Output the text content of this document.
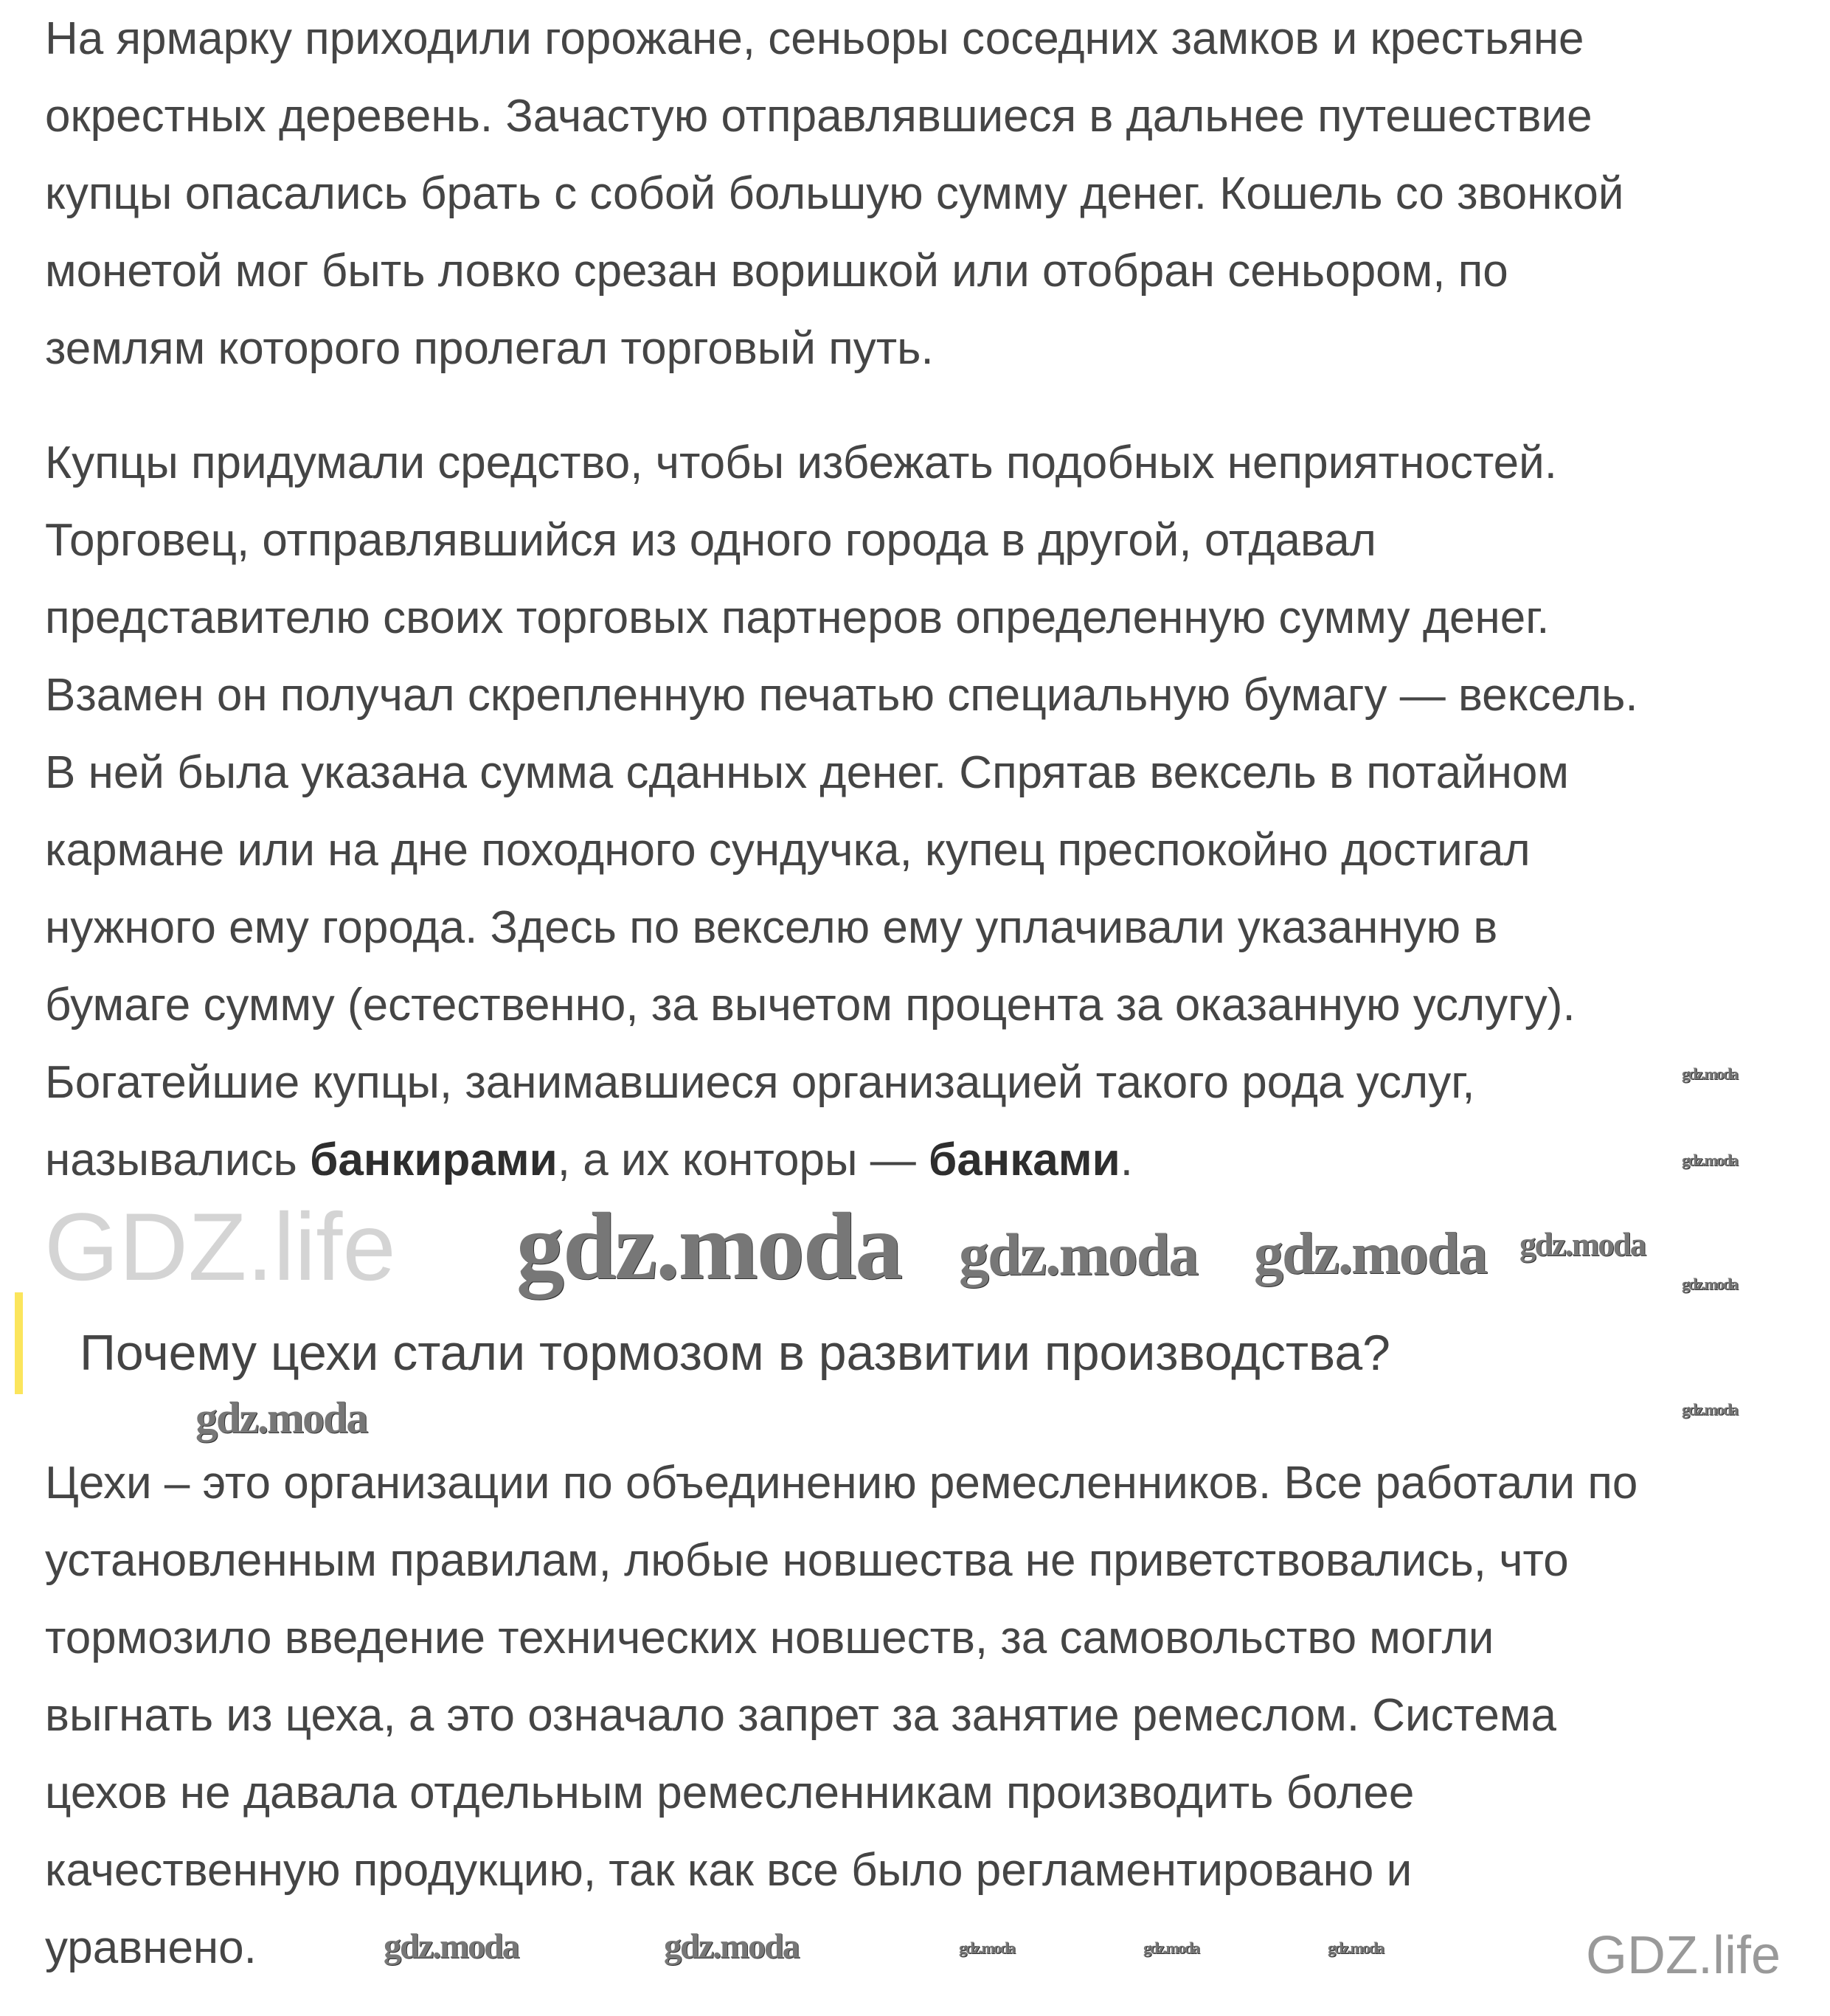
GDZ.life
На ярмарку приходили горожане, сеньоры соседних замков и крестьяне
окрестных деревень. Зачастую отправлявшиеся в дальнее путешествие
купцы опасались брать с собой большую сумму денег. Кошель со звонкой
монетой мог быть ловко срезан воришкой или отобран сеньором, по
землям которого пролегал торговый путь.
Купцы придумали средство, чтобы избежать подобных неприятностей.
Торговец, отправлявшийся из одного города в другой, отдавал
представителю своих торговых партнеров определенную сумму денег.
Взамен он получал скрепленную печатью специальную бумагу — вексель.
В ней была указана сумма сданных денег. Спрятав вексель в потайном
кармане или на дне походного сундучка, купец преспокойно достигал
нужного ему города. Здесь по векселю ему уплачивали указанную в
бумаге сумму (естественно, за вычетом процента за оказанную услугу).
Богатейшие купцы, занимавшиеся организацией такого рода услуг,
назывались банкирами, а их конторы — банками.
Почему цехи стали тормозом в развитии производства?
Цехи – это организации по объединению ремесленников. Все работали по
установленным правилам, любые новшества не приветствовались, что
тормозило введение технических новшеств, за самовольство могли
выгнать из цеха, а это означало запрет за занятие ремеслом. Система
цехов не давала отдельным ремесленникам производить более
качественную продукцию, так как все было регламентировано и
уравнено.
gdz.moda gdz.moda gdz.moda gdz.moda
gdz.moda
gdz.moda
gdz.moda
gdz.moda
gdz.moda
gdz.moda	gdz.moda	gdz.moda	gdz.moda	gdz.moda	GDZ.life
